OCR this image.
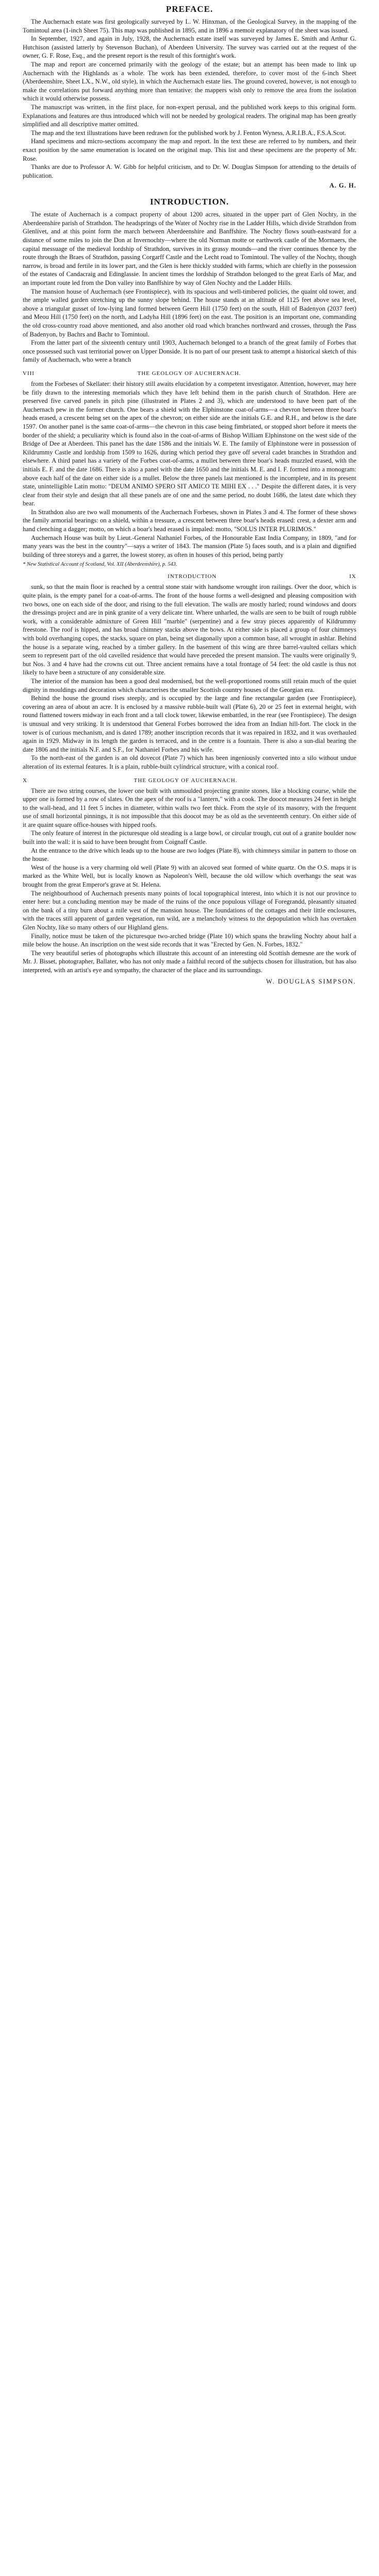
PREFACE.

The Auchernach estate was first geologically surveyed by L. W. Hinxman, of the Geological Survey, in the mapping of the Tomintoul area (1-inch Sheet 75). This map was published in 1895, and in 1896 a memoir explanatory of the sheet was issued.

In September, 1927, and again in July, 1928, the Auchernach estate itself was surveyed by James E. Smith and Arthur G. Hutchison (assisted latterly by Stevenson Buchan), of Aberdeen University. The survey was carried out at the request of the owner, G. F. Rose, Esq., and the present report is the result of this fortnight's work.

The map and report are concerned primarily with the geology of the estate; but an attempt has been made to link up Auchernach with the Highlands as a whole. The work has been extended, therefore, to cover most of the 6-inch Sheet (Aberdeenshire, Sheet LX., N.W., old style), in which the Auchernach estate lies. The ground covered, however, is not enough to make the correlations put forward anything more than tentative: the mappers wish only to remove the area from the isolation which it would otherwise possess.

The manuscript was written, in the first place, for non-expert perusal, and the published work keeps to this original form. Explanations and features are thus introduced which will not be needed by geological readers. The original map has been greatly simplified and all descriptive matter omitted.

The map and the text illustrations have been redrawn for the published work by J. Fenton Wyness, A.R.I.B.A., F.S.A.Scot.

Hand specimens and micro-sections accompany the map and report. In the text these are referred to by numbers, and their exact position by the same enumeration is located on the original map. This list and these specimens are the property of Mr. Rose.

Thanks are due to Professor A. W. Gibb for helpful criticism, and to Dr. W. Douglas Simpson for attending to the details of publication.

A. G. H.
INTRODUCTION.

The estate of Auchernach is a compact property of about 1200 acres, situated in the upper part of Glen Nochty, in the Aberdeenshire parish of Strathdon. The headsprings of the Water of Nochty rise in the Ladder Hills, which divide Strathdon from Glenlivet, and at this point form the march between Aberdeenshire and Banffshire. The Nochty flows south-eastward for a distance of some miles to join the Don at Invernochty—where the old Norman motte or earthwork castle of the Mormaers, the capital messuage of the medieval lordship of Strathdon, survives in its grassy mounds—and the river continues thence by the route through the Braes of Strathdon, passing Corgarff Castle and the Lecht road to Tomintoul. The valley of the Nochty, though narrow, is broad and fertile in its lower part, and the Glen is here thickly studded with farms, which are chiefly in the possession of the estates of Candacraig and Edinglassie. In ancient times the lordship of Strathdon belonged to the great Earls of Mar, and an important route led from the Don valley into Banffshire by way of Glen Nochty and the Ladder Hills.

The mansion house of Auchernach (see Frontispiece), with its spacious and well-timbered policies, the quaint old tower, and the ample walled garden stretching up the sunny slope behind. The house stands at an altitude of 1125 feet above sea level, above a triangular gusset of low-lying land formed between Geern Hill (1750 feet) on the south, Hill of Badenyon (2037 feet) and Meou Hill (1750 feet) on the north, and Ladyha Hill (1896 feet) on the east. The position is an important one, commanding the old cross-country road above mentioned, and also another old road which branches northward and crosses, through the Pass of Badenyon, by Bachrs and Bachr to Tomintoul.

From the latter part of the sixteenth century until 1903, Auchernach belonged to a branch of the great family of Forbes that once possessed such vast territorial power on Upper Donside. It is no part of our present task to attempt a historical sketch of this family of Auchernach, who were a branch

VIII	THE GEOLOGY OF AUCHERNACH.

from the Forbeses of Skellater: their history still awaits elucidation by a competent investigator. Attention, however, may here be fitly drawn to the interesting memorials which they have left behind them in the parish church of Strathdon. Here are preserved five carved panels in pitch pine (illustrated in Plates 2 and 3), which are understood to have been part of the Auchernach pew in the former church. One bears a shield with the Elphinstone coat-of-arms—a chevron between three boar's heads erased, a crescent being set on the apex of the chevron; on either side are the initials G.E. and R.H., and below is the date 1597. On another panel is the same coat-of-arms—the chevron in this case being fimbriated, or stopped short before it meets the border of the shield; a peculiarity which is found also in the coat-of-arms of Bishop William Elphinstone on the west side of the Bridge of Dee at Aberdeen. This panel has the date 1586 and the initials W. E. The family of Elphinstone were in possession of Kildrummy Castle and lordship from 1509 to 1626, during which period they gave off several cadet branches in Strathdon and elsewhere. A third panel has a variety of the Forbes coat-of-arms, a mullet between three boar's heads muzzled erased, with the initials E. F. and the date 1686. There is also a panel with the date 1650 and the initials M. E. and I. F. formed into a monogram: above each half of the date on either side is a mullet. Below the three panels last mentioned is the incomplete, and in its present state, unintelligible Latin motto: "DEUM ANIMO SPERO SIT AMICO TE MIHI EX . . ." Despite the different dates, it is very clear from their style and design that all these panels are of one and the same period, no doubt 1686, the latest date which they bear.

In Strathdon also are two wall monuments of the Auchernach Forbeses, shown in Plates 3 and 4. The former of these shows the family armorial bearings: on a shield, within a tressure, a crescent between three boar's heads erased: crest, a dexter arm and hand clenching a dagger; motto, on which a boar's head erased is impaled: motto, "SOLUS INTER PLURIMOS."

Auchernach House was built by Lieut.-General Nathaniel Forbes, of the Honourable East India Company, in 1809, "and for many years was the best in the country"—says a writer of 1843. The mansion (Plate 5) faces south, and is a plain and dignified building of three storeys and a garret, the lowest storey, as often in houses of this period, being partly

* New Statistical Account of Scotland, Vol. XII (Aberdeenshire), p. 543.
INTRODUCTION	IX

sunk, so that the main floor is reached by a central stone stair with handsome wrought iron railings. Over the door, which is quite plain, is the empty panel for a coat-of-arms. The front of the house forms a well-designed and pleasing composition with two bows, one on each side of the door, and rising to the full elevation. The walls are mostly harled; round windows and doors the dressings project and are in pink granite of a very delicate tint. Where unharled, the walls are seen to be built of rough rubble work, with a considerable admixture of Green Hill "marble" (serpentine) and a few stray pieces apparently of Kildrummy freestone. The roof is hipped, and has broad chimney stacks above the bows. At either side is placed a group of four chimneys with bold overhanging copes, the stacks, square on plan, being set diagonally upon a common base, all wrought in ashlar. Behind the house is a separate wing, reached by a timber gallery. In the basement of this wing are three barrel-vaulted cellars which seem to represent part of the old cavelled residence that would have preceded the present mansion. The vaults were originally 9, but Nos. 3 and 4 have had the crowns cut out. Three ancient remains have a total frontage of 54 feet: the old castle is thus not likely to have been a structure of any considerable size.

The interior of the mansion has been a good deal modernised, but the well-proportioned rooms still retain much of the quiet dignity in mouldings and decoration which characterises the smaller Scottish country houses of the Georgian era.

Behind the house the ground rises steeply, and is occupied by the large and fine rectangular garden (see Frontispiece), covering an area of about an acre. It is enclosed by a massive rubble-built wall (Plate 6), 20 or 25 feet in external height, with round flattened towers midway in each front and a tall clock tower, likewise embattled, in the rear (see Frontispiece). The design is unusual and very striking. It is understood that General Forbes borrowed the idea from an Indian hill-fort. The clock in the tower is of curious mechanism, and is dated 1789; another inscription records that it was repaired in 1832, and it was overhauled again in 1929. Midway in its length the garden is terraced, and in the centre is a fountain. There is also a sun-dial bearing the date 1806 and the initials N.F. and S.F., for Nathaniel Forbes and his wife.

To the north-east of the garden is an old dovecot (Plate 7) which has been ingeniously converted into a silo without undue alteration of its external features. It is a plain, rubble-built cylindrical structure, with a conical roof.

X	THE GEOLOGY OF AUCHERNACH.

There are two string courses, the lower one built with unmoulded projecting granite stones, like a blocking course, while the upper one is formed by a row of slates. On the apex of the roof is a "lantern," with a cook. The doocot measures 24 feet in height to the wall-head, and 11 feet 5 inches in diameter, within walls two feet thick. From the style of its masonry, with the frequent use of small horizontal pinnings, it is not impossible that this doocot may be as old as the seventeenth century. On either side of it are quaint square office-houses with hipped roofs.

The only feature of interest in the picturesque old steading is a large bowl, or circular trough, cut out of a granite boulder now built into the wall: it is said to have been brought from Coignaff Castle.

At the entrance to the drive which leads up to the house are two lodges (Plate 8), with chimneys similar in pattern to those on the house.

West of the house is a very charming old well (Plate 9) with an alcoved seat formed of white quartz. On the O.S. maps it is marked as the White Well, but is locally known as Napoleon's Well, because the old willow which overhangs the seat was brought from the great Emperor's grave at St. Helena.

The neighbourhood of Auchernach presents many points of local topographical interest, into which it is not our province to enter here: but a concluding mention may be made of the ruins of the once populous village of Foregrandd, pleasantly situated on the bank of a tiny burn about a mile west of the mansion house. The foundations of the cottages and their little enclosures, with the traces still apparent of garden vegetation, run wild, are a melancholy witness to the depopulation which has overtaken Glen Nochty, like so many others of our Highland glens.

Finally, notice must be taken of the picturesque two-arched bridge (Plate 10) which spans the brawling Nochty about half a mile below the house. An inscription on the west side records that it was "Erected by Gen. N. Forbes, 1832."

The very beautiful series of photographs which illustrate this account of an interesting old Scottish demesne are the work of Mr. J. Bisset, photographer, Ballater, who has not only made a faithful record of the subjects chosen for illustration, but has also interpreted, with an artist's eye and sympathy, the character of the place and its surroundings.

W. DOUGLAS SIMPSON.
